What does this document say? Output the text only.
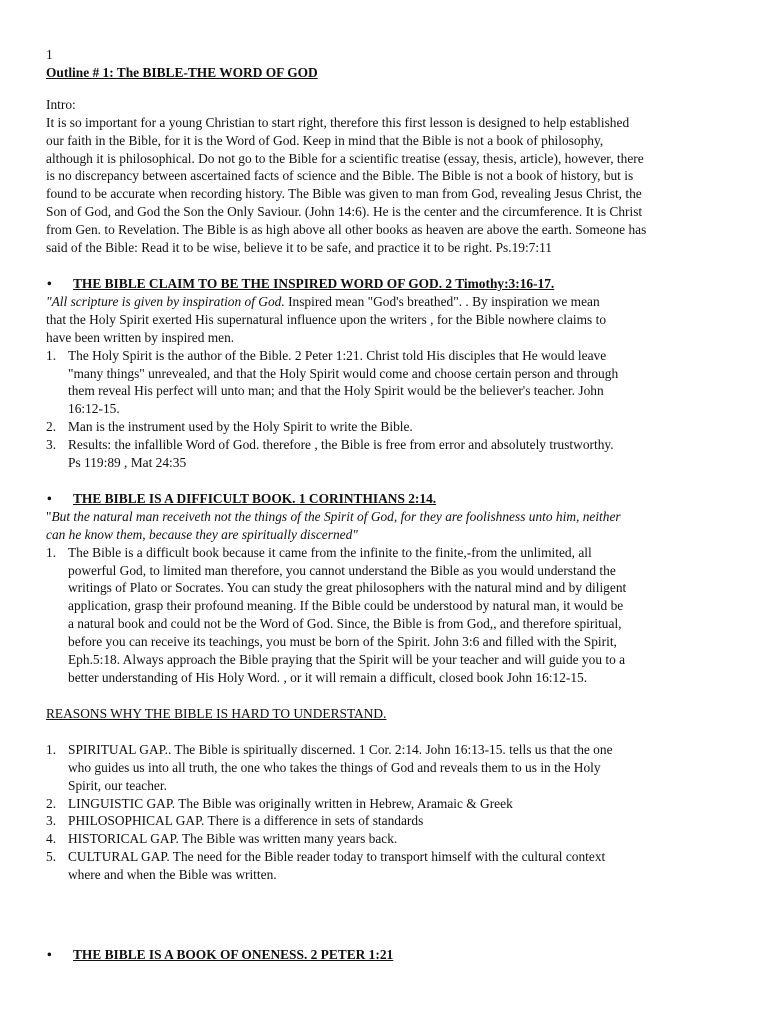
1
Outline # 1: The BIBLE-THE WORD OF GOD
Intro:
It is so important for a young Christian to start right, therefore this first lesson is designed to help established
our faith in the Bible, for it is the Word of God. Keep in mind that the Bible is not a book of philosophy,
although it is philosophical. Do not go to the Bible for a scientific treatise (essay, thesis, article), however, there
is no discrepancy between ascertained facts of science and the Bible. The Bible is not a book of history, but is
found to be accurate when recording history. The Bible was given to man from God, revealing Jesus Christ, the
Son of God, and God the Son the Only Saviour. (John 14:6). He is the center and the circumference. It is Christ
from Gen. to Revelation. The Bible is as high above all other books as heaven are above the earth. Someone has
said of the Bible: Read it to be wise, believe it to be safe, and practice it to be right. Ps.19:7:11
•	THE BIBLE CLAIM TO BE THE INSPIRED WORD OF GOD. 2 Timothy:3:16-17.
"All scripture is given by inspiration of God. Inspired mean "God's breathed". . By inspiration we mean
that the Holy Spirit exerted His supernatural influence upon the writers , for the Bible nowhere claims to
have been written by inspired men.
1. The Holy Spirit is the author of the Bible. 2 Peter 1:21. Christ told His disciples that He would leave
"many things" unrevealed, and that the Holy Spirit would come and choose certain person and through
them reveal His perfect will unto man; and that the Holy Spirit would be the believer's teacher. John
16:12-15.
2. Man is the instrument used by the Holy Spirit to write the Bible.
3. Results: the infallible Word of God. therefore , the Bible is free from error and absolutely trustworthy.
Ps 119:89 , Mat 24:35
•	THE BIBLE IS A DIFFICULT BOOK. 1 CORINTHIANS 2:14.
"But the natural man receiveth not the things of the Spirit of God, for they are foolishness unto him, neither
can he know them, because they are spiritually discerned"
1. The Bible is a difficult book because it came from the infinite to the finite,-from the unlimited, all
powerful God, to limited man therefore, you cannot understand the Bible as you would understand the
writings of Plato or Socrates. You can study the great philosophers with the natural mind and by diligent
application, grasp their profound meaning. If the Bible could be understood by natural man, it would be
a natural book and could not be the Word of God. Since, the Bible is from God,, and therefore spiritual,
before you can receive its teachings, you must be born of the Spirit. John 3:6 and filled with the Spirit,
Eph.5:18. Always approach the Bible praying that the Spirit will be your teacher and will guide you to a
better understanding of His Holy Word. , or it will remain a difficult, closed book John 16:12-15.
REASONS WHY THE BIBLE IS HARD TO UNDERSTAND.
1. SPIRITUAL GAP.. The Bible is spiritually discerned. 1 Cor. 2:14. John 16:13-15. tells us that the one
who guides us into all truth, the one who takes the things of God and reveals them to us in the Holy
Spirit, our teacher.
2. LINGUISTIC GAP. The Bible was originally written in Hebrew, Aramaic & Greek
3. PHILOSOPHICAL GAP. There is a difference in sets of standards
4. HISTORICAL GAP. The Bible was written many years back.
5. CULTURAL GAP. The need for the Bible reader today to transport himself with the cultural context
where and when the Bible was written.
•	THE BIBLE IS A BOOK OF ONENESS. 2 PETER 1:21
